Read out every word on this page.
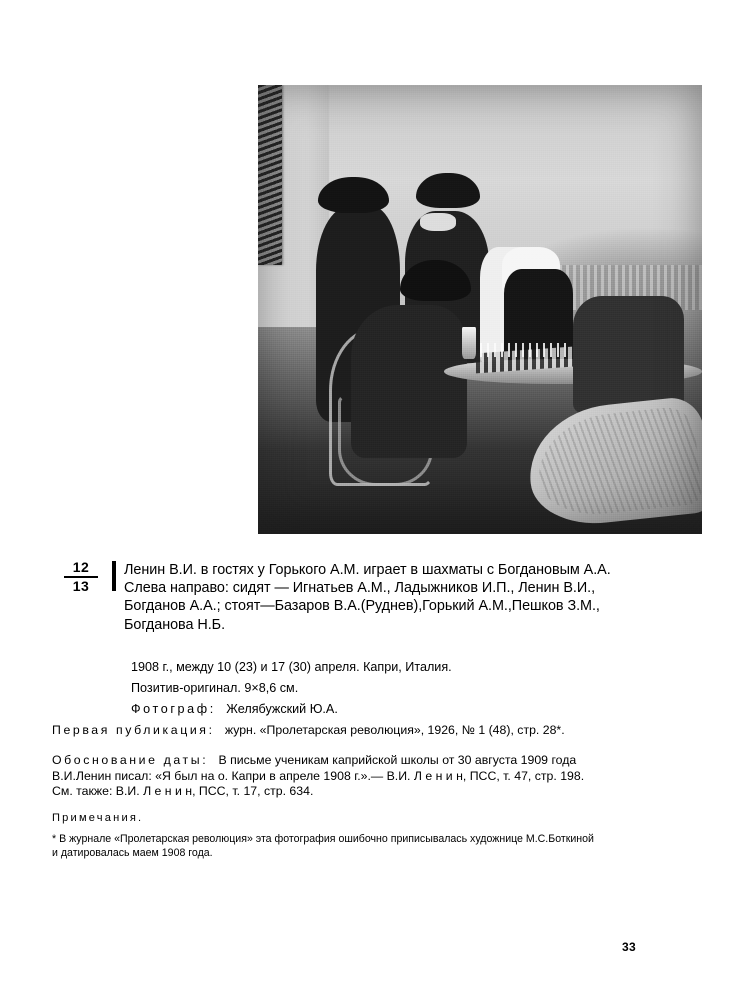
12
13
Ленин В.И. в гостях у Горького А.М. играет в шахматы с Богдановым А.А.
Слева направо: сидят — Игнатьев А.М., Ладыжников И.П., Ленин В.И.,
Богданов А.А.; стоят—Базаров В.А.(Руднев),Горький А.М.,Пешков З.М.,
Богданова Н.Б.
1908 г., между 10 (23) и 17 (30) апреля. Капри, Италия.
Позитив-оригинал. 9×8,6 см.
Фотограф: Желябужский Ю.А.
Первая публикация: журн. «Пролетарская революция», 1926, № 1 (48), стр. 28*.
Обоснование даты: В письме ученикам каприйской школы от 30 августа 1909 года
В.И.Ленин писал: «Я был на о. Капри в апреле 1908 г.».— В.И. Л е н и н, ПСС, т. 47, стр. 198.
См. также: В.И. Л е н и н, ПСС, т. 17, стр. 634.
Примечания.
* В журнале «Пролетарская революция» эта фотография ошибочно приписывалась художнице М.С.Боткиной
и датировалась маем 1908 года.
33
